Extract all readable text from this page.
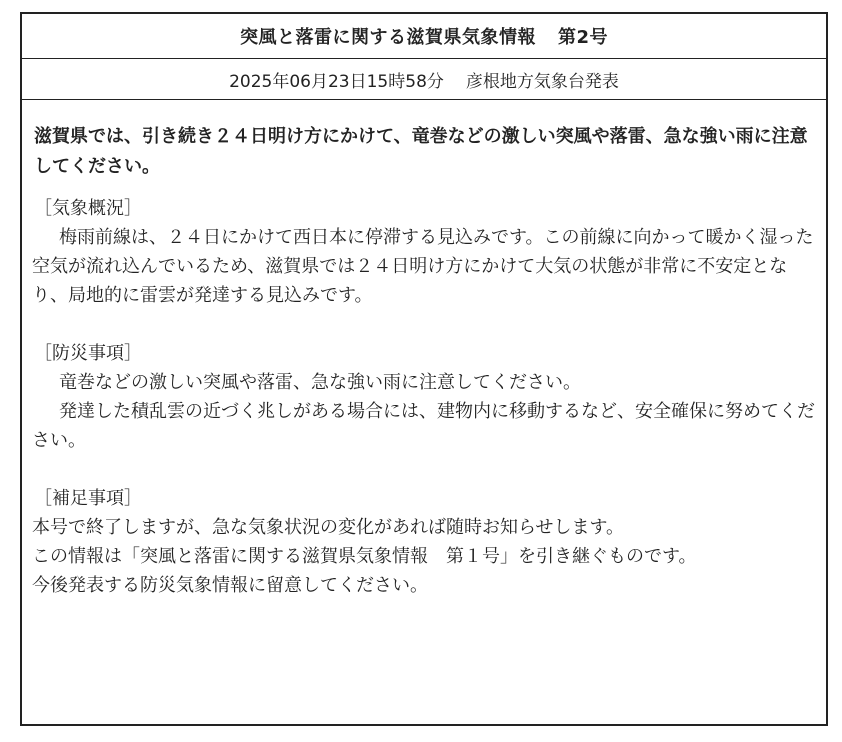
突風と落雷に関する滋賀県気象情報 第2号
2025年06月23日15時58分 彦根地方気象台発表

滋賀県では、引き続き２４日明け方にかけて、竜巻などの激しい突風や落雷、急な強い雨に注意してください。

［気象概況］

梅雨前線は、２４日にかけて西日本に停滞する見込みです。この前線に向かって暖かく湿った空気が流れ込んでいるため、滋賀県では２４日明け方にかけて大気の状態が非常に不安定となり、局地的に雷雲が発達する見込みです。

［防災事項］

竜巻などの激しい突風や落雷、急な強い雨に注意してください。

発達した積乱雲の近づく兆しがある場合には、建物内に移動するなど、安全確保に努めてください。

［補足事項］

本号で終了しますが、急な気象状況の変化があれば随時お知らせします。

この情報は「突風と落雷に関する滋賀県気象情報　第１号」を引き継ぐものです。

今後発表する防災気象情報に留意してください。
